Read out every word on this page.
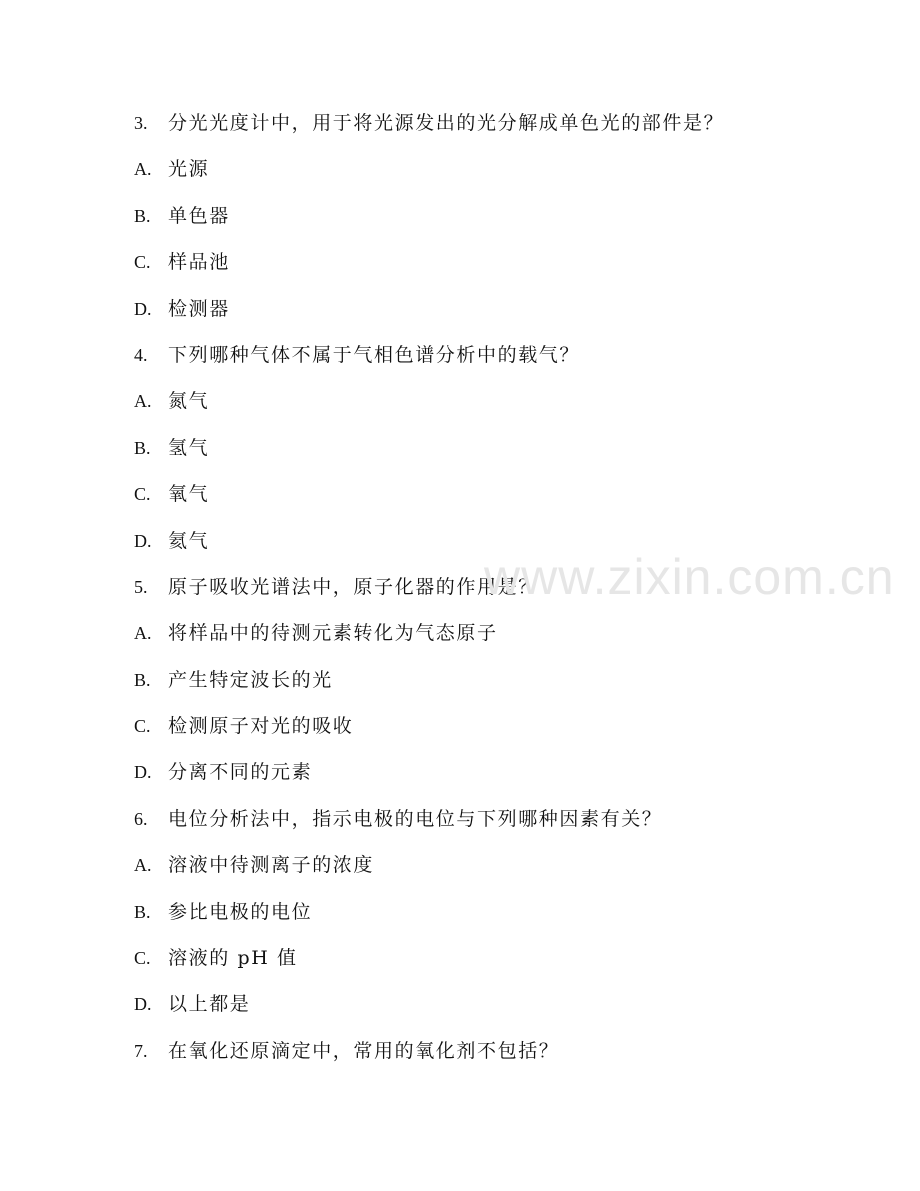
3. 分光光度计中，用于将光源发出的光分解成单色光的部件是？
A. 光源
B. 单色器
C. 样品池
D. 检测器
4. 下列哪种气体不属于气相色谱分析中的载气？
A. 氮气
B. 氢气
C. 氧气
D. 氦气
5. 原子吸收光谱法中，原子化器的作用是？
A. 将样品中的待测元素转化为气态原子
B. 产生特定波长的光
C. 检测原子对光的吸收
D. 分离不同的元素
6. 电位分析法中，指示电极的电位与下列哪种因素有关？
A. 溶液中待测离子的浓度
B. 参比电极的电位
C. 溶液的 pH 值
D. 以上都是
7. 在氧化还原滴定中，常用的氧化剂不包括？
www.zixin.com.cn
